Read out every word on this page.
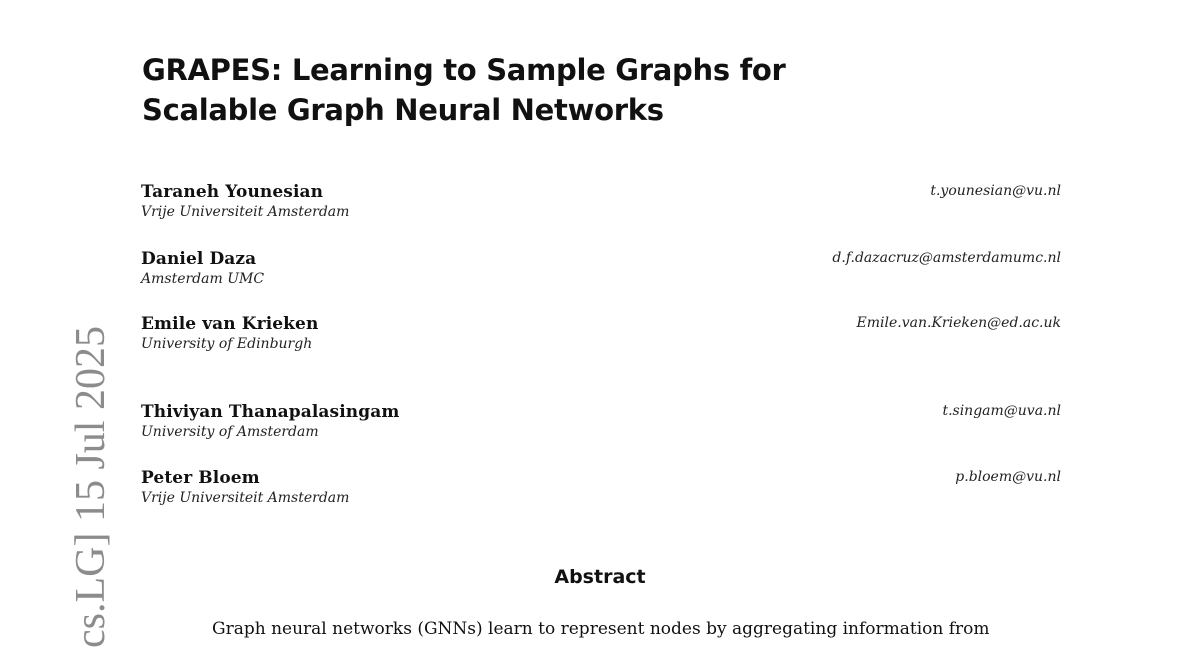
cs.LG] 15 Jul 2025
GRAPES: Learning to Sample Graphs for
Scalable Graph Neural Networks
Taraneh Younesian
Vrije Universiteit Amsterdam
t.younesian@vu.nl
Daniel Daza
Amsterdam UMC
d.f.dazacruz@amsterdamumc.nl
Emile van Krieken
University of Edinburgh
Emile.van.Krieken@ed.ac.uk
Thiviyan Thanapalasingam
University of Amsterdam
t.singam@uva.nl
Peter Bloem
Vrije Universiteit Amsterdam
p.bloem@vu.nl
Abstract
Graph neural networks (GNNs) learn to represent nodes by aggregating information from
